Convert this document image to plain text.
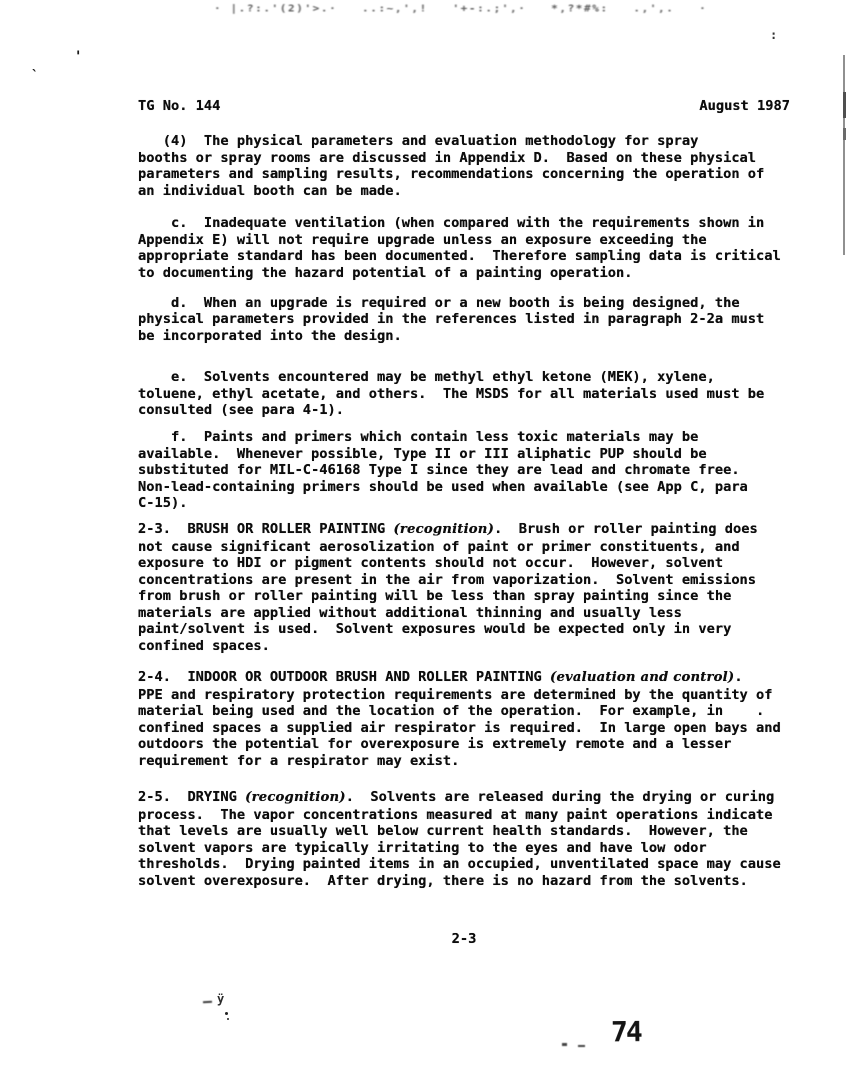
· |.?:.'(2)'>.·   ..:~,',!   '+-:.;',·   *,?*#%:   .,',.   ·
'
`
:
TG No. 144	August 1987
(4)  The physical parameters and evaluation methodology for spray
booths or spray rooms are discussed in Appendix D.  Based on these physical
parameters and sampling results, recommendations concerning the operation of
an individual booth can be made.
c.  Inadequate ventilation (when compared with the requirements shown in
Appendix E) will not require upgrade unless an exposure exceeding the
appropriate standard has been documented.  Therefore sampling data is critical
to documenting the hazard potential of a painting operation.
d.  When an upgrade is required or a new booth is being designed, the
physical parameters provided in the references listed in paragraph 2-2a must
be incorporated into the design.
e.  Solvents encountered may be methyl ethyl ketone (MEK), xylene,
toluene, ethyl acetate, and others.  The MSDS for all materials used must be
consulted (see para 4-1).
f.  Paints and primers which contain less toxic materials may be
available.  Whenever possible, Type II or III aliphatic PUP should be
substituted for MIL-C-46168 Type I since they are lead and chromate free.
Non-lead-containing primers should be used when available (see App C, para
C-15).
2-3.  BRUSH OR ROLLER PAINTING (recognition).  Brush or roller painting does
not cause significant aerosolization of paint or primer constituents, and
exposure to HDI or pigment contents should not occur.  However, solvent
concentrations are present in the air from vaporization.  Solvent emissions
from brush or roller painting will be less than spray painting since the
materials are applied without additional thinning and usually less
paint/solvent is used.  Solvent exposures would be expected only in very
confined spaces.
2-4.  INDOOR OR OUTDOOR BRUSH AND ROLLER PAINTING (evaluation and control).
PPE and respiratory protection requirements are determined by the quantity of
material being used and the location of the operation.  For example, in    .
confined spaces a supplied air respirator is required.  In large open bays and
outdoors the potential for overexposure is extremely remote and a lesser
requirement for a respirator may exist.
2-5.  DRYING (recognition).  Solvents are released during the drying or curing
process.  The vapor concentrations measured at many paint operations indicate
that levels are usually well below current health standards.  However, the
solvent vapors are typically irritating to the eyes and have low odor
thresholds.  Drying painted items in an occupied, unventilated space may cause
solvent overexposure.  After drying, there is no hazard from the solvents.
2-3
ÿ
74
